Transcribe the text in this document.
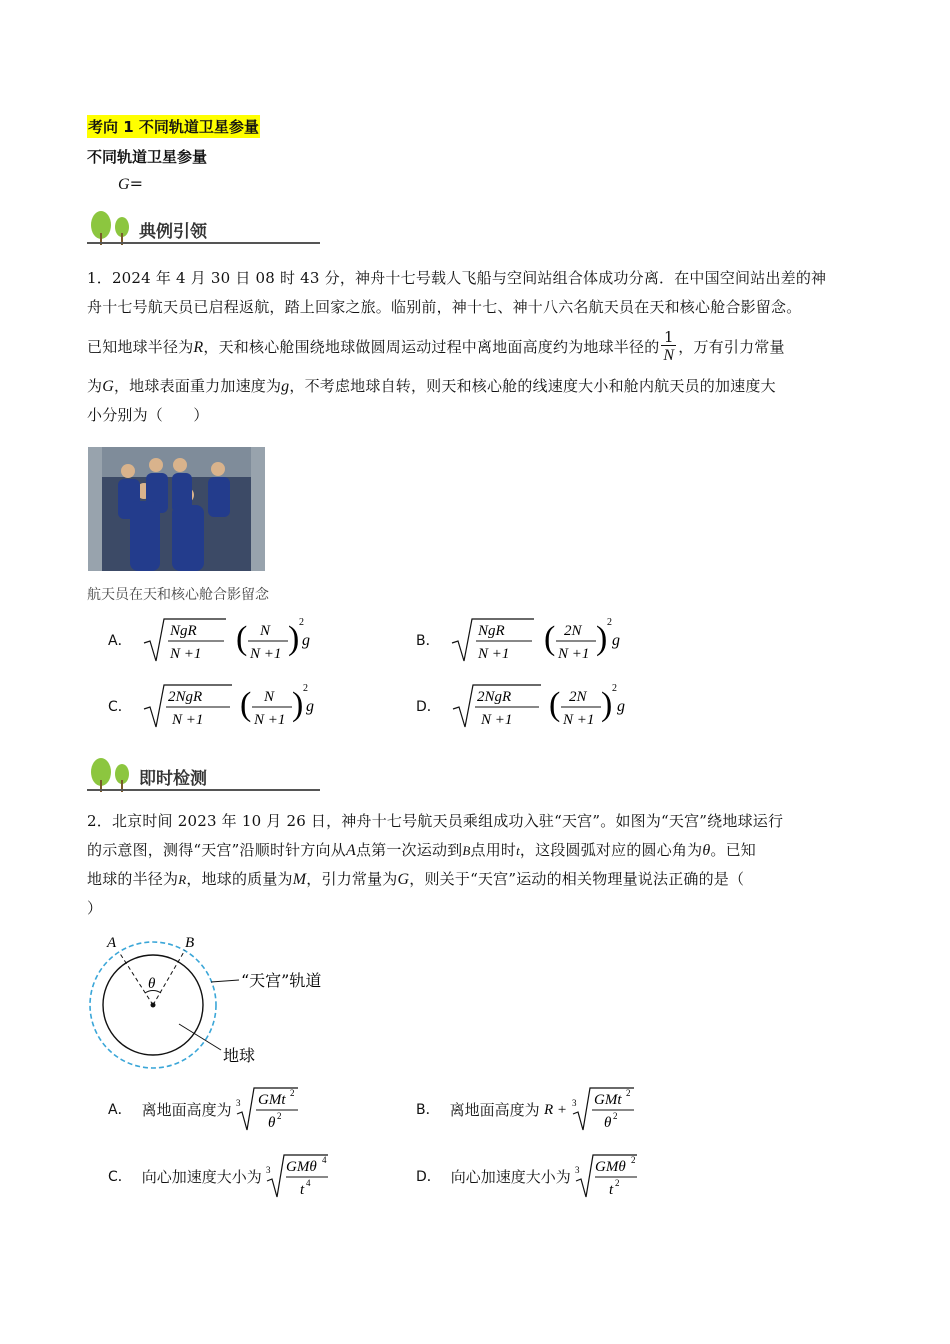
考向 1 不同轨道卫星参量
不同轨道卫星参量
G=
典例引领
1．2024 年 4 月 30 日 08 时 43 分，神舟十七号载人飞船与空间站组合体成功分离．在中国空间站出差的神
舟十七号航天员已启程返航，踏上回家之旅。临别前，神十七、神十八六名航天员在天和核心舱合影留念。
已知地球半径为 R ，天和核心舱围绕地球做圆周运动过程中离地面高度约为地球半径的 $\frac{1}{N}$ ，万有引力常量
为G，地球表面重力加速度为g，不考虑地球自转，则天和核心舱的线速度大小和舱内航天员的加速度大
小分别为（　　）
航天员在天和核心舱合影留念
A．
NgR
N +1 ( N
N +1 ) 2
g	B．
NgR
N +1 ( 2N
N +1 ) 2
g
C．
2NgR
N +1 ( N
N +1 ) 2
g	D．
2NgR
N +1 ( 2N
N +1 ) 2
g
即时检测
2．北京时间 2023 年 10 月 26 日，神舟十七号航天员乘组成功入驻“天宫”。如图为“天宫”绕地球运行
的示意图，测得“天宫”沿顺时针方向从A点第一次运动到B点用时t，这段圆弧对应的圆心角为θ。已知
地球的半径为R，地球的质量为M，引力常量为G，则关于“天宫”运动的相关物理量说法正确的是（
）
A	B
θ	“天宫”轨道
地球
A． 离地面高度为 3 GMt 2
θ 2	B． 离地面高度为 R + 3 GMt 2
θ 2
C． 向心加速度大小为 3 GMθ 4
t 4	D． 向心加速度大小为 3 GMθ 2
t 2
